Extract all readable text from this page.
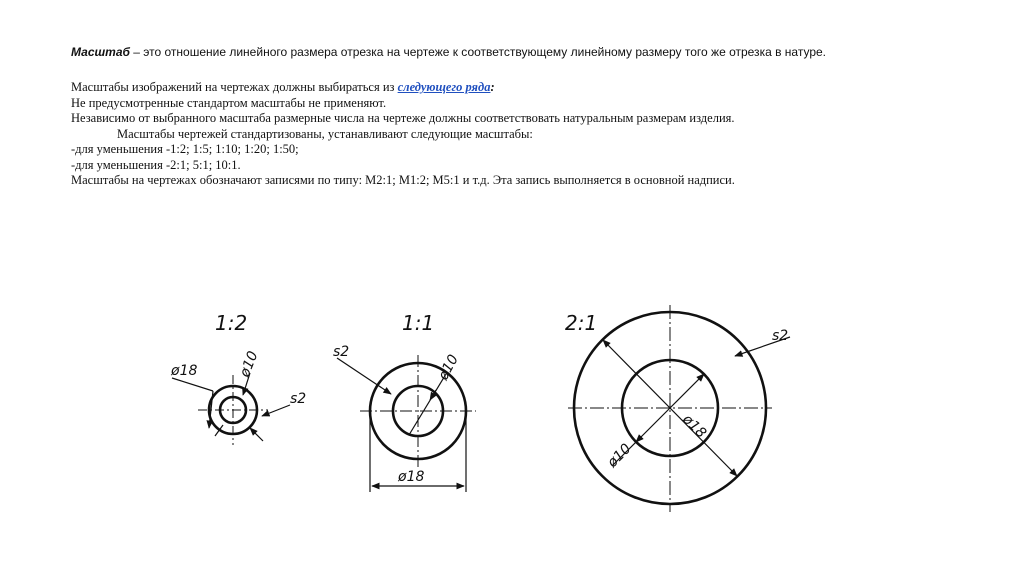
Масштаб – это отношение линейного размера отрезка на чертеже к соответствующему линейному размеру того же отрезка в натуре.
Масштабы изображений на чертежах должны выбираться из следующего ряда:
Не предусмотренные стандартом масштабы не применяют.
Независимо от выбранного масштаба размерные числа на чертеже должны соответствовать натуральным размерам изделия.
Масштабы чертежей стандартизованы, устанавливают следующие масштабы:
-для уменьшения -1:2; 1:5; 1:10; 1:20; 1:50;
-для уменьшения -2:1; 5:1; 10:1.
Масштабы на чертежах обозначают записями по типу: М2:1; М1:2; М5:1 и т.д. Эта запись выполняется в основной надписи.
1:2
ø18	ø10
s2
1:1
s2
ø10
ø18
2:1
s2
ø10
ø18
